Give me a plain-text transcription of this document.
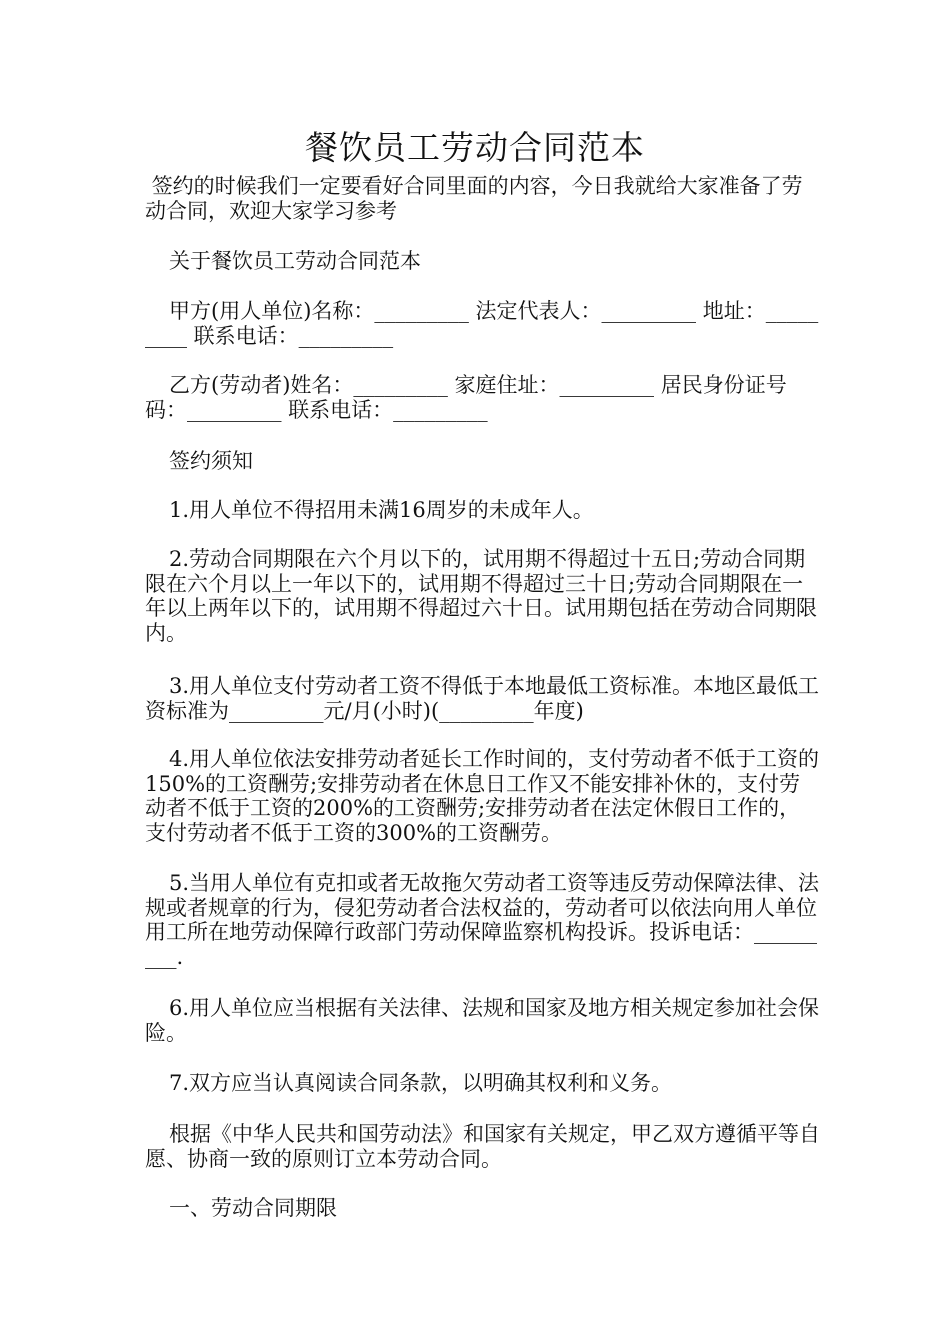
餐饮员工劳动合同范本

签约的时候我们一定要看好合同里面的内容，今日我就给大家准备了劳动合同，欢迎大家学习参考

关于餐饮员工劳动合同范本

甲方(用人单位)名称：_________ 法定代表人：_________ 地址：_________ 联系电话：_________

乙方(劳动者)姓名：_________ 家庭住址：_________ 居民身份证号码：_________ 联系电话：_________

签约须知

1.用人单位不得招用未满16周岁的未成年人。

2.劳动合同期限在六个月以下的，试用期不得超过十五日;劳动合同期限在六个月以上一年以下的，试用期不得超过三十日;劳动合同期限在一年以上两年以下的，试用期不得超过六十日。试用期包括在劳动合同期限内。

3.用人单位支付劳动者工资不得低于本地最低工资标准。本地区最低工资标准为_________元/月(小时)(_________年度)

4.用人单位依法安排劳动者延长工作时间的，支付劳动者不低于工资的150%的工资酬劳;安排劳动者在休息日工作又不能安排补休的，支付劳动者不低于工资的200%的工资酬劳;安排劳动者在法定休假日工作的，支付劳动者不低于工资的300%的工资酬劳。

5.当用人单位有克扣或者无故拖欠劳动者工资等违反劳动保障法律、法规或者规章的行为，侵犯劳动者合法权益的，劳动者可以依法向用人单位用工所在地劳动保障行政部门劳动保障监察机构投诉。投诉电话：_________.

6.用人单位应当根据有关法律、法规和国家及地方相关规定参加社会保险。

7.双方应当认真阅读合同条款，以明确其权利和义务。

根据《中华人民共和国劳动法》和国家有关规定，甲乙双方遵循平等自愿、协商一致的原则订立本劳动合同。

一、劳动合同期限
